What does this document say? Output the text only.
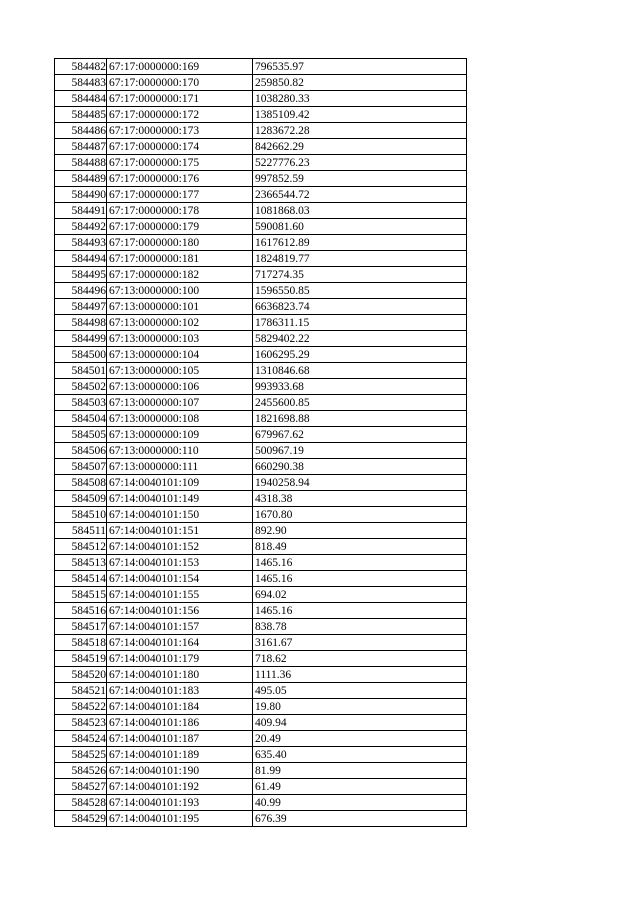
584482	67:17:0000000:169	796535.97
584483	67:17:0000000:170	259850.82
584484	67:17:0000000:171	1038280.33
584485	67:17:0000000:172	1385109.42
584486	67:17:0000000:173	1283672.28
584487	67:17:0000000:174	842662.29
584488	67:17:0000000:175	5227776.23
584489	67:17:0000000:176	997852.59
584490	67:17:0000000:177	2366544.72
584491	67:17:0000000:178	1081868.03
584492	67:17:0000000:179	590081.60
584493	67:17:0000000:180	1617612.89
584494	67:17:0000000:181	1824819.77
584495	67:17:0000000:182	717274.35
584496	67:13:0000000:100	1596550.85
584497	67:13:0000000:101	6636823.74
584498	67:13:0000000:102	1786311.15
584499	67:13:0000000:103	5829402.22
584500	67:13:0000000:104	1606295.29
584501	67:13:0000000:105	1310846.68
584502	67:13:0000000:106	993933.68
584503	67:13:0000000:107	2455600.85
584504	67:13:0000000:108	1821698.88
584505	67:13:0000000:109	679967.62
584506	67:13:0000000:110	500967.19
584507	67:13:0000000:111	660290.38
584508	67:14:0040101:109	1940258.94
584509	67:14:0040101:149	4318.38
584510	67:14:0040101:150	1670.80
584511	67:14:0040101:151	892.90
584512	67:14:0040101:152	818.49
584513	67:14:0040101:153	1465.16
584514	67:14:0040101:154	1465.16
584515	67:14:0040101:155	694.02
584516	67:14:0040101:156	1465.16
584517	67:14:0040101:157	838.78
584518	67:14:0040101:164	3161.67
584519	67:14:0040101:179	718.62
584520	67:14:0040101:180	1111.36
584521	67:14:0040101:183	495.05
584522	67:14:0040101:184	19.80
584523	67:14:0040101:186	409.94
584524	67:14:0040101:187	20.49
584525	67:14:0040101:189	635.40
584526	67:14:0040101:190	81.99
584527	67:14:0040101:192	61.49
584528	67:14:0040101:193	40.99
584529	67:14:0040101:195	676.39
